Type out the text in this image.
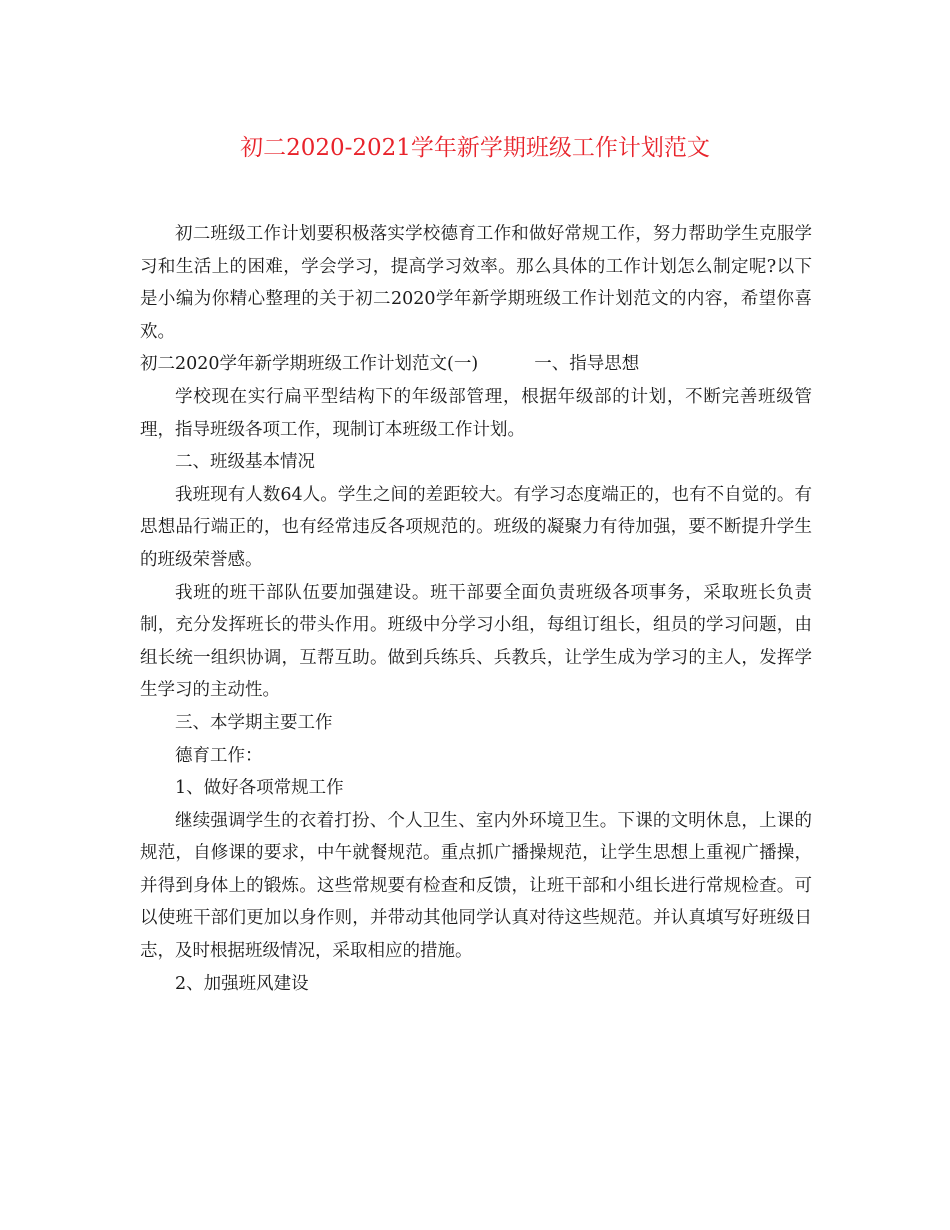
初二2020-2021学年新学期班级工作计划范文

初二班级工作计划要积极落实学校德育工作和做好常规工作，努力帮助学生克服学习和生活上的困难，学会学习，提高学习效率。那么具体的工作计划怎么制定呢?以下是小编为你精心整理的关于初二2020学年新学期班级工作计划范文的内容，希望你喜欢。

初二2020学年新学期班级工作计划范文(一)	一、指导思想

学校现在实行扁平型结构下的年级部管理，根据年级部的计划，不断完善班级管理，指导班级各项工作，现制订本班级工作计划。

二、班级基本情况

我班现有人数64人。学生之间的差距较大。有学习态度端正的，也有不自觉的。有思想品行端正的，也有经常违反各项规范的。班级的凝聚力有待加强，要不断提升学生的班级荣誉感。

我班的班干部队伍要加强建设。班干部要全面负责班级各项事务，采取班长负责制，充分发挥班长的带头作用。班级中分学习小组，每组订组长，组员的学习问题，由组长统一组织协调，互帮互助。做到兵练兵、兵教兵，让学生成为学习的主人，发挥学生学习的主动性。

三、本学期主要工作

德育工作：

1、做好各项常规工作

继续强调学生的衣着打扮、个人卫生、室内外环境卫生。下课的文明休息，上课的规范，自修课的要求，中午就餐规范。重点抓广播操规范，让学生思想上重视广播操，并得到身体上的锻炼。这些常规要有检查和反馈，让班干部和小组长进行常规检查。可以使班干部们更加以身作则，并带动其他同学认真对待这些规范。并认真填写好班级日志，及时根据班级情况，采取相应的措施。

2、加强班风建设
